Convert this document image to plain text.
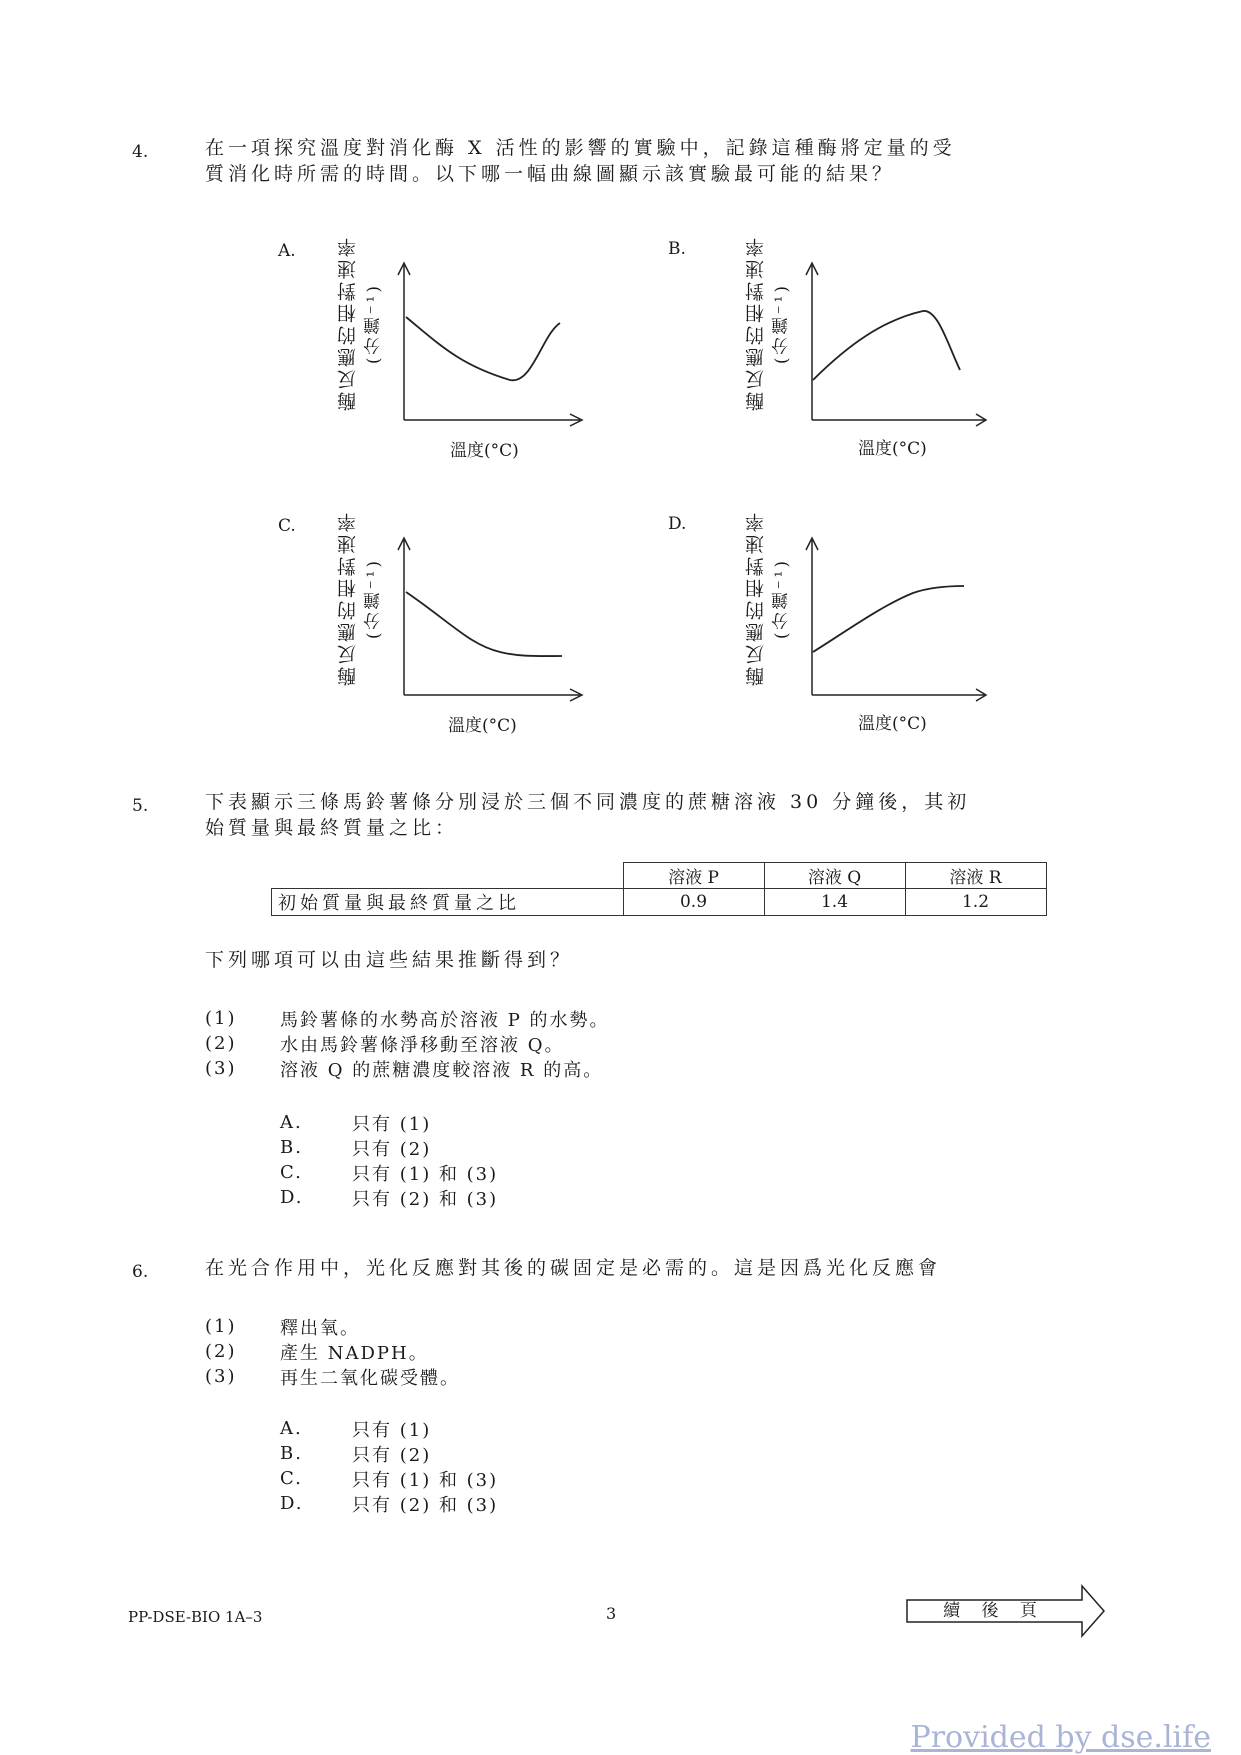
4.	在一項探究溫度對消化酶 X 活性的影響的實驗中，記錄這種酶將定量的受
質消化時所需的時間。以下哪一幅曲線圖顯示該實驗最可能的結果？
A. 酶反應的相對速率 (分鐘⁻¹)
溫度(°C)
B.	酶反應的相對速率 (分鐘⁻¹)
溫度(°C)
C. 酶反應的相對速率 (分鐘⁻¹)
溫度(°C)
D.	酶反應的相對速率 (分鐘⁻¹)
溫度(°C)
5.	下表顯示三條馬鈴薯條分別浸於三個不同濃度的蔗糖溶液 30 分鐘後，其初
始質量與最終質量之比：
	溶液 P	溶液 Q	溶液 R
初始質量與最終質量之比	0.9	1.4	1.2
下列哪項可以由這些結果推斷得到？
(1) 馬鈴薯條的水勢高於溶液 P 的水勢。
(2) 水由馬鈴薯條淨移動至溶液 Q。
(3) 溶液 Q 的蔗糖濃度較溶液 R 的高。
A.	只有 (1)
B.	只有 (2)
C.	只有 (1) 和 (3)
D.	只有 (2) 和 (3)
6.	在光合作用中，光化反應對其後的碳固定是必需的。這是因爲光化反應會
(1) 釋出氧。
(2) 產生 NADPH。
(3) 再生二氧化碳受體。
A.	只有 (1)
B.	只有 (2)
C.	只有 (1) 和 (3)
D.	只有 (2) 和 (3)
PP-DSE-BIO 1A–3	3	續 後 頁
Provided by dse.life
